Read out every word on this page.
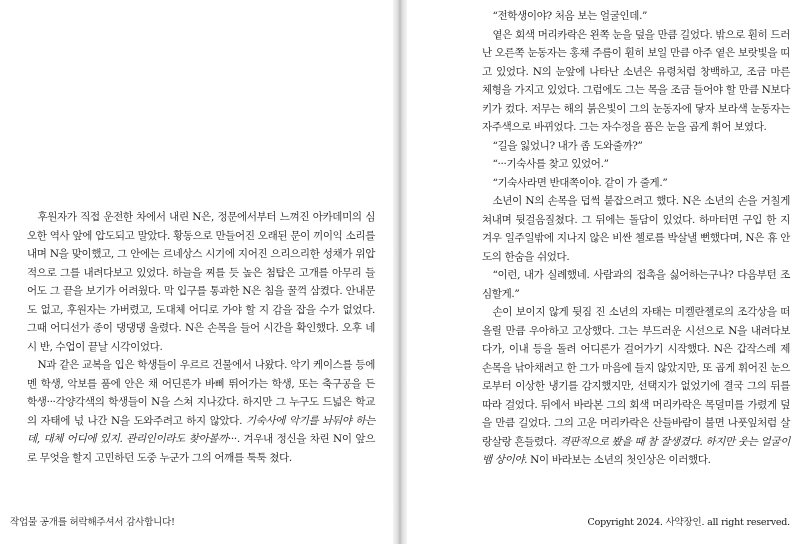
후원자가 직접 운전한 차에서 내린 N은, 정문에서부터 느껴진 아카데미의 심오한 역사 앞에 압도되고 말았다. 황동으로 만들어진 오래된 문이 끼이익 소리를 내며 N을 맞이했고, 그 안에는 르네상스 시기에 지어진 으리으리한 성채가 위압적으로 그를 내려다보고 있었다. 하늘을 찌를 듯 높은 첨탑은 고개를 아무리 들어도 그 끝을 보기가 어려웠다. 막 입구를 통과한 N은 침을 꿀꺽 삼켰다. 안내문도 없고, 후원자는 가버렸고, 도대체 어디로 가야 할 지 감을 잡을 수가 없었다. 그때 어디선가 종이 댕댕댕 울렸다. N은 손목을 들어 시간을 확인했다. 오후 네 시 반, 수업이 끝날 시각이었다.

N과 같은 교복을 입은 학생들이 우르르 건물에서 나왔다. 악기 케이스를 등에 멘 학생, 악보를 품에 안은 채 어딘론가 바삐 뛰어가는 학생, 또는 축구공을 든 학생···각양각색의 학생들이 N을 스쳐 지나갔다. 하지만 그 누구도 드넓은 학교의 자태에 넋 나간 N을 도와주려고 하지 않았다. 기숙사에 악기를 놔둬야 하는데, 대체 어디에 있지. 관리인이라도 찾아볼까···. 겨우내 정신을 차린 N이 앞으로 무엇을 할지 고민하던 도중 누군가 그의 어깨를 툭툭 쳤다.

작업물 공개를 허락해주셔서 감사합니다!	Copyright 2024. 사약장인. all right reserved.

“전학생이야? 처음 보는 얼굴인데.”

옅은 회색 머리카락은 왼쪽 눈을 덮을 만큼 길었다. 밖으로 훤히 드러난 오른쪽 눈동자는 홍채 주름이 훤히 보일 만큼 아주 옅은 보랏빛을 띠고 있었다. N의 눈앞에 나타난 소년은 유령처럼 창백하고, 조금 마른 체형을 가지고 있었다. 그럼에도 그는 목을 조금 들어야 할 만큼 N보다 키가 컸다. 저무는 해의 붉은빛이 그의 눈동자에 닿자 보라색 눈동자는 자주색으로 바뀌었다. 그는 자수정을 품은 눈을 곱게 휘어 보였다.

“길을 잃었니? 내가 좀 도와줄까?”

“···기숙사를 찾고 있었어.”

“기숙사라면 반대쪽이야. 같이 가 줄게.”

소년이 N의 손목을 덥썩 붙잡으려고 했다. N은 소년의 손을 거칠게 쳐내며 뒷걸음질쳤다. 그 뒤에는 돌담이 있었다. 하마터면 구입 한 지 겨우 일주일밖에 지나지 않은 비싼 첼로를 박살낼 뻔했다며, N은 휴 안도의 한숨을 쉬었다.

“이런, 내가 실례했네. 사람과의 접촉을 싫어하는구나? 다음부턴 조심할게.”

손이 보이지 않게 뒷짐 진 소년의 자태는 미켈란젤로의 조각상을 떠올릴 만큼 우아하고 고상했다. 그는 부드러운 시선으로 N을 내려다보다가, 이내 등을 돌려 어디론가 걸어가기 시작했다. N은 갑작스레 제 손목을 낚아채려고 한 그가 마음에 들지 않았지만, 또 곱게 휘어진 눈으로부터 이상한 냉기를 감지했지만, 선택지가 없었기에 결국 그의 뒤를 따라 걸었다. 뒤에서 바라본 그의 회색 머리카락은 목덜미를 가렸게 덮을 만큼 길었다. 그의 고운 머리카락은 산들바람이 불면 나풋잎처럼 살랑살랑 흔들렸다. 격판적으로 봤을 때 참 잘생겼다. 하지만 웃는 얼굴이 뱀 상이야. N이 바라보는 소년의 첫인상은 이러했다.
